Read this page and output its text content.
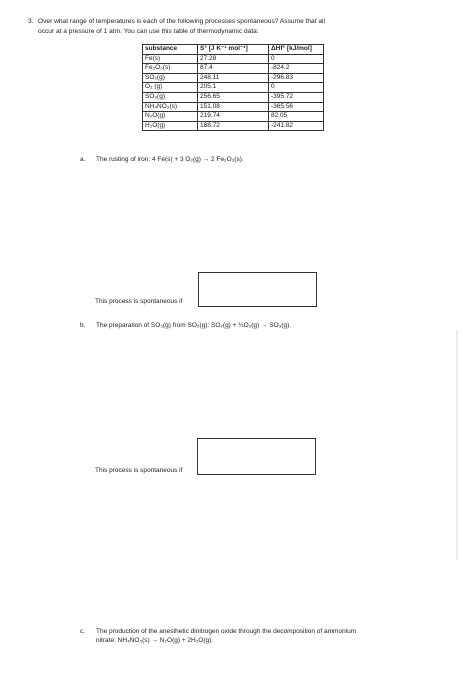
3. Over what range of temperatures is each of the following processes spontaneous? Assume that all
occur at a pressure of 1 atm. You can use this table of thermodynamic data:
substance	S° [J K⁻¹ mol⁻¹]	ΔHf° [kJ/mol]
Fe(s)	27.28	0
Fe₂O₃(s)	87.4	-824.2
SO₂(g)	248.11	-296.83
O₂ (g)	205.1	0
SO₃(g)	256.65	-395.72
NH₄NO₃(s)	151.08	-365.56
N₂O(g)	219.74	82.05
H₂O(g)	188.72	-241.82
a. The rusting of iron: 4 Fe(s) + 3 O₂(g) → 2 Fe₂O₃(s).
This process is spontaneous if
b. The preparation of SO₃(g) from SO₂(g): SO₂(g) + ½O₂(g) → SO₃(g).
This process is spontaneous if
c. The production of the anesthetic dinitrogen oxide through the decomposition of ammonium
nitrate: NH₄NO₃(s) → N₂O(g) + 2H₂O(g).
